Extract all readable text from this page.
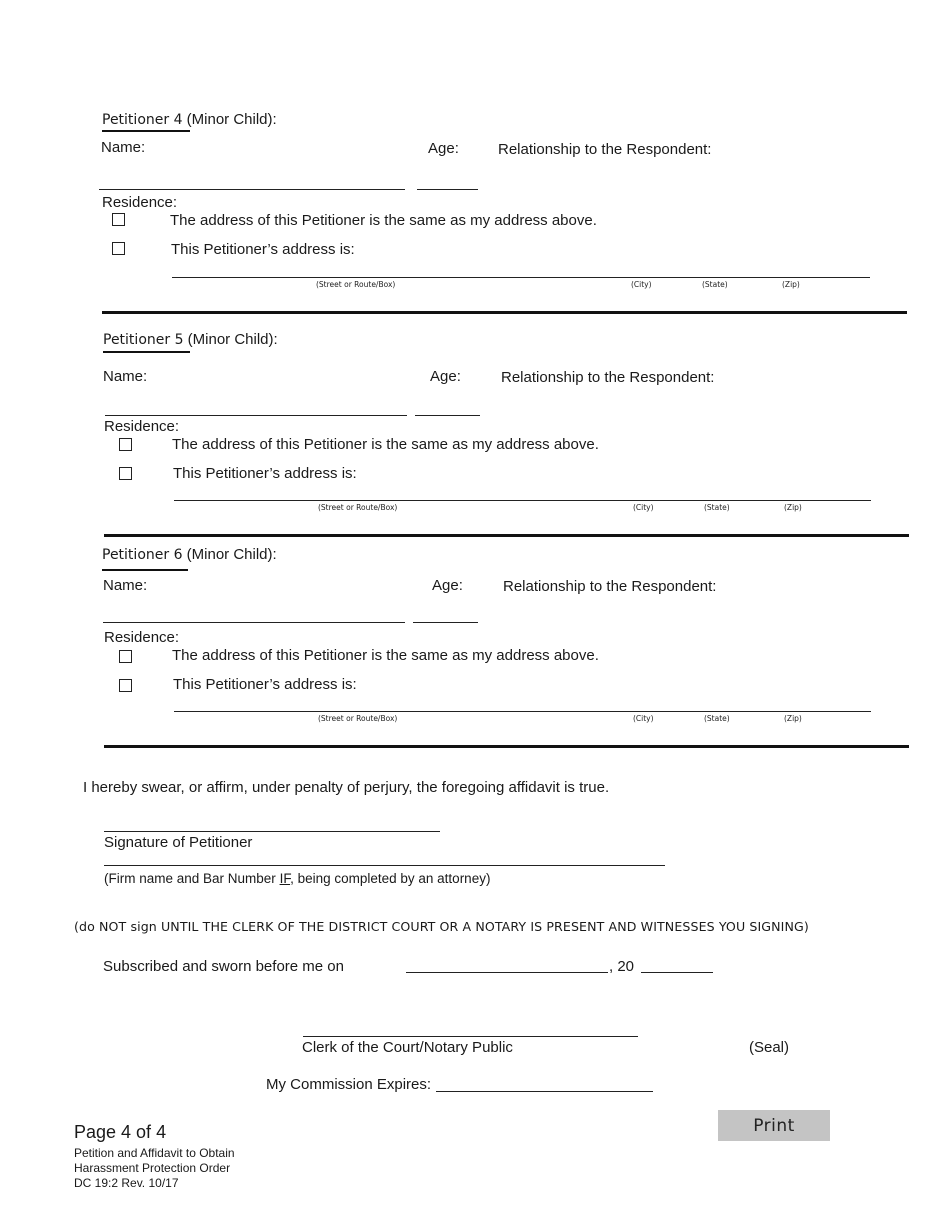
Petitioner 4 (Minor Child):
Name:	Age:	Relationship to the Respondent:
Residence:
The address of this Petitioner is the same as my address above.
This Petitioner’s address is:
(Street or Route/Box)	(City)	(State)	(Zip)
Petitioner 5 (Minor Child):
Name:	Age:	Relationship to the Respondent:
Residence:
The address of this Petitioner is the same as my address above.
This Petitioner’s address is:
(Street or Route/Box)	(City)	(State)	(Zip)
Petitioner 6 (Minor Child):
Name:	Age:	Relationship to the Respondent:
Residence:
The address of this Petitioner is the same as my address above.
This Petitioner’s address is:
(Street or Route/Box)	(City)	(State)	(Zip)
I hereby swear, or affirm, under penalty of perjury, the foregoing affidavit is true.
Signature of Petitioner
(Firm name and Bar Number IF, being completed by an attorney)
(do NOT sign UNTIL THE CLERK OF THE DISTRICT COURT OR A NOTARY IS PRESENT AND WITNESSES YOU SIGNING)
Subscribed and sworn before me on	, 20
Clerk of the Court/Notary Public	(Seal)
My Commission Expires:
Page 4 of 4
Petition and Affidavit to Obtain
Harassment Protection Order
DC 19:2 Rev. 10/17
Print
